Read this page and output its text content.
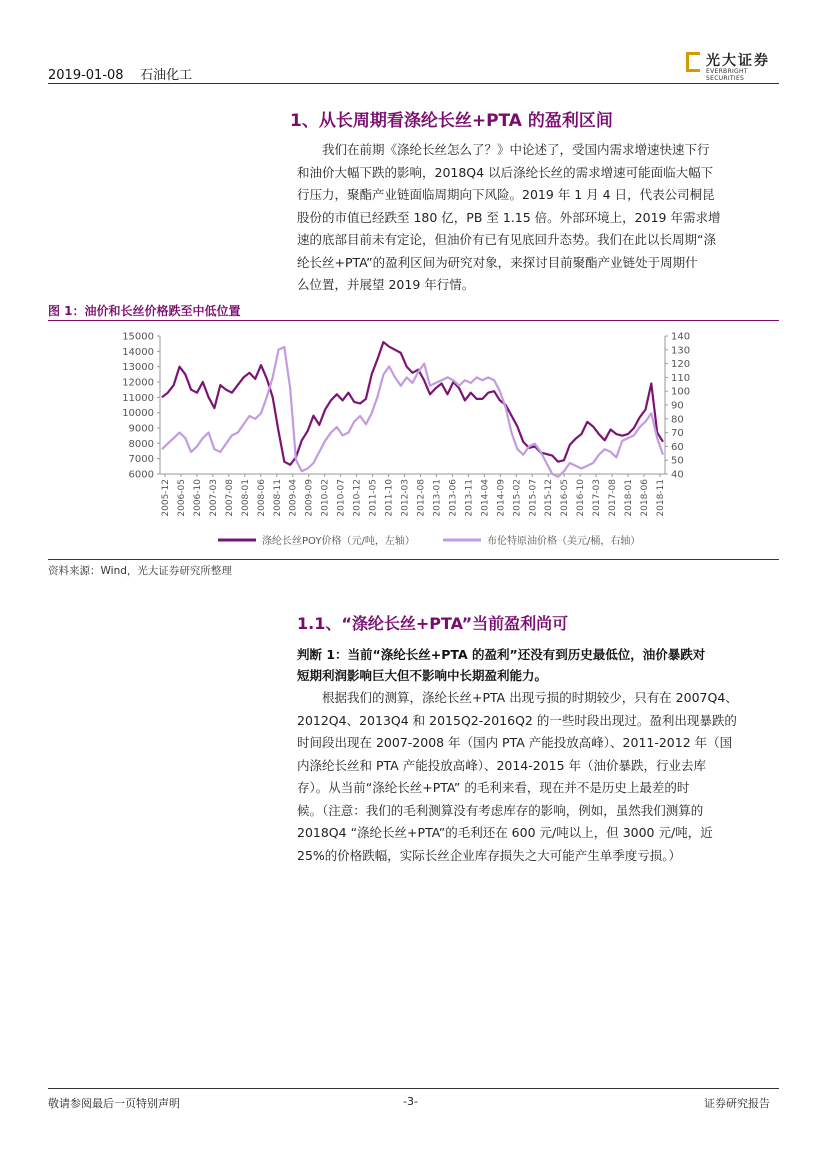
2019-01-08 石油化工
光大证券
EVERBRIGHT SECURITIES
1、从长周期看涤纶长丝+PTA 的盈利区间
我们在前期《涤纶长丝怎么了？》中论述了，受国内需求增速快速下行
和油价大幅下跌的影响，2018Q4 以后涤纶长丝的需求增速可能面临大幅下
行压力，聚酯产业链面临周期向下风险。2019 年 1 月 4 日，代表公司桐昆
股份的市值已经跌至 180 亿，PB 至 1.15 倍。外部环境上，2019 年需求增
速的底部目前未有定论，但油价有已有见底回升态势。我们在此以长周期“涤
纶长丝+PTA”的盈利区间为研究对象，来探讨目前聚酯产业链处于周期什
么位置，并展望 2019 年行情。
图 1：油价和长丝价格跌至中低位置
6000
7000
8000
9000
10000
11000
12000
13000
14000
15000
40
50
60
70
80
90
100
110
120
130
140
2005-12 2006-05 2006-10 2007-03 2007-08 2008-01 2008-06 2008-11 2009-04 2009-09 2010-02 2010-07 2010-12 2011-05 2011-10 2012-03 2012-08 2013-01 2013-06 2013-11 2014-04 2014-09 2015-02 2015-07 2015-12 2016-05 2016-10 2017-03 2017-08 2018-01 2018-06 2018-11
涤纶长丝POY价格（元/吨，左轴）	布伦特原油价格（美元/桶，右轴）
资料来源：Wind，光大证券研究所整理
1.1、“涤纶长丝+PTA”当前盈利尚可
判断 1：当前“涤纶长丝+PTA 的盈利”还没有到历史最低位，油价暴跌对
短期利润影响巨大但不影响中长期盈利能力。
根据我们的测算，涤纶长丝+PTA 出现亏损的时期较少，只有在 2007Q4、
2012Q4、2013Q4 和 2015Q2-2016Q2 的一些时段出现过。盈利出现暴跌的
时间段出现在 2007-2008 年（国内 PTA 产能投放高峰）、2011-2012 年（国
内涤纶长丝和 PTA 产能投放高峰）、2014-2015 年（油价暴跌，行业去库
存）。从当前“涤纶长丝+PTA” 的毛利来看，现在并不是历史上最差的时
候。（注意：我们的毛利测算没有考虑库存的影响，例如，虽然我们测算的
2018Q4 “涤纶长丝+PTA”的毛利还在 600 元/吨以上，但 3000 元/吨，近
25%的价格跌幅，实际长丝企业库存损失之大可能产生单季度亏损。）
敬请参阅最后一页特别声明	-3-	证券研究报告
